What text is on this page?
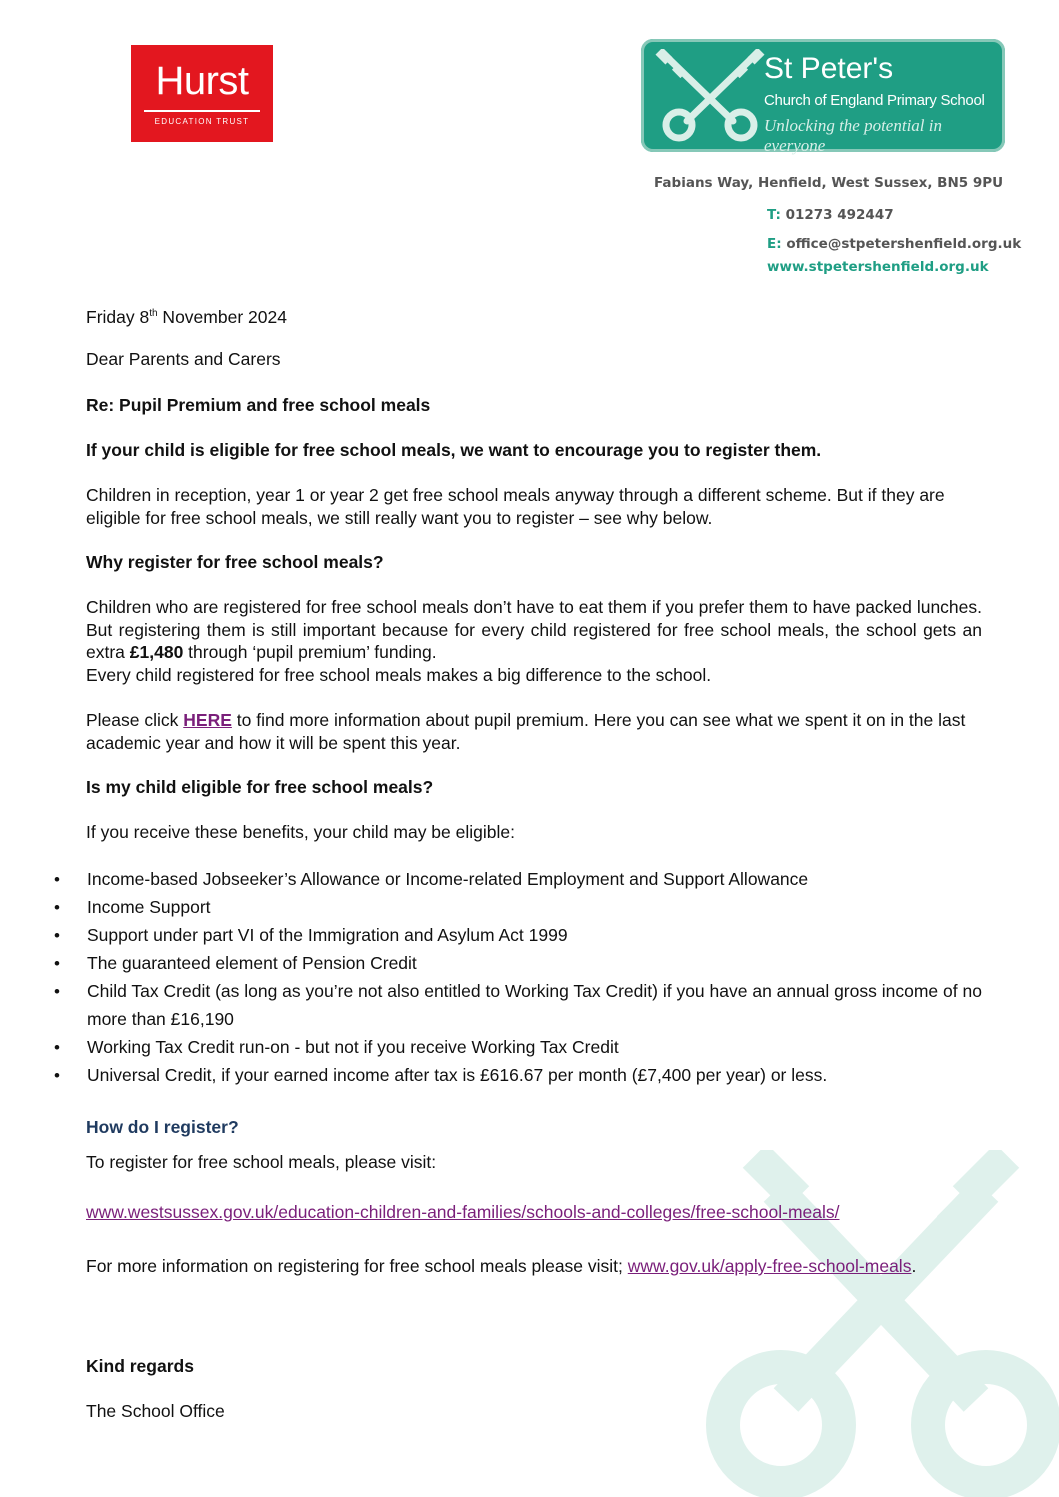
Hurst
EDUCATION TRUST
St Peter's
Church of England Primary School
Unlocking the potential in everyone
Fabians Way, Henfield, West Sussex, BN5 9PU
T: 01273 492447
E: office@stpetershenfield.org.uk
www.stpetershenfield.org.uk
Friday 8th November 2024
Dear Parents and Carers
Re: Pupil Premium and free school meals
If your child is eligible for free school meals, we want to encourage you to register them.
Children in reception, year 1 or year 2 get free school meals anyway through a different scheme. But if they are eligible for free school meals, we still really want you to register – see why below.
Why register for free school meals?
Children who are registered for free school meals don’t have to eat them if you prefer them to have packed lunches. But registering them is still important because for every child registered for free school meals, the school gets an extra £1,480 through ‘pupil premium’ funding.
Every child registered for free school meals makes a big difference to the school.
Please click HERE to find more information about pupil premium. Here you can see what we spent it on in the last academic year and how it will be spent this year.
Is my child eligible for free school meals?
If you receive these benefits, your child may be eligible:
• Income-based Jobseeker’s Allowance or Income-related Employment and Support Allowance
• Income Support
• Support under part VI of the Immigration and Asylum Act 1999
• The guaranteed element of Pension Credit
• Child Tax Credit (as long as you’re not also entitled to Working Tax Credit) if you have an annual gross income of no more than £16,190
• Working Tax Credit run-on - but not if you receive Working Tax Credit
• Universal Credit, if your earned income after tax is £616.67 per month (£7,400 per year) or less.
How do I register?
To register for free school meals, please visit:
www.westsussex.gov.uk/education-children-and-families/schools-and-colleges/free-school-meals/
For more information on registering for free school meals please visit; www.gov.uk/apply-free-school-meals.
Kind regards
The School Office
